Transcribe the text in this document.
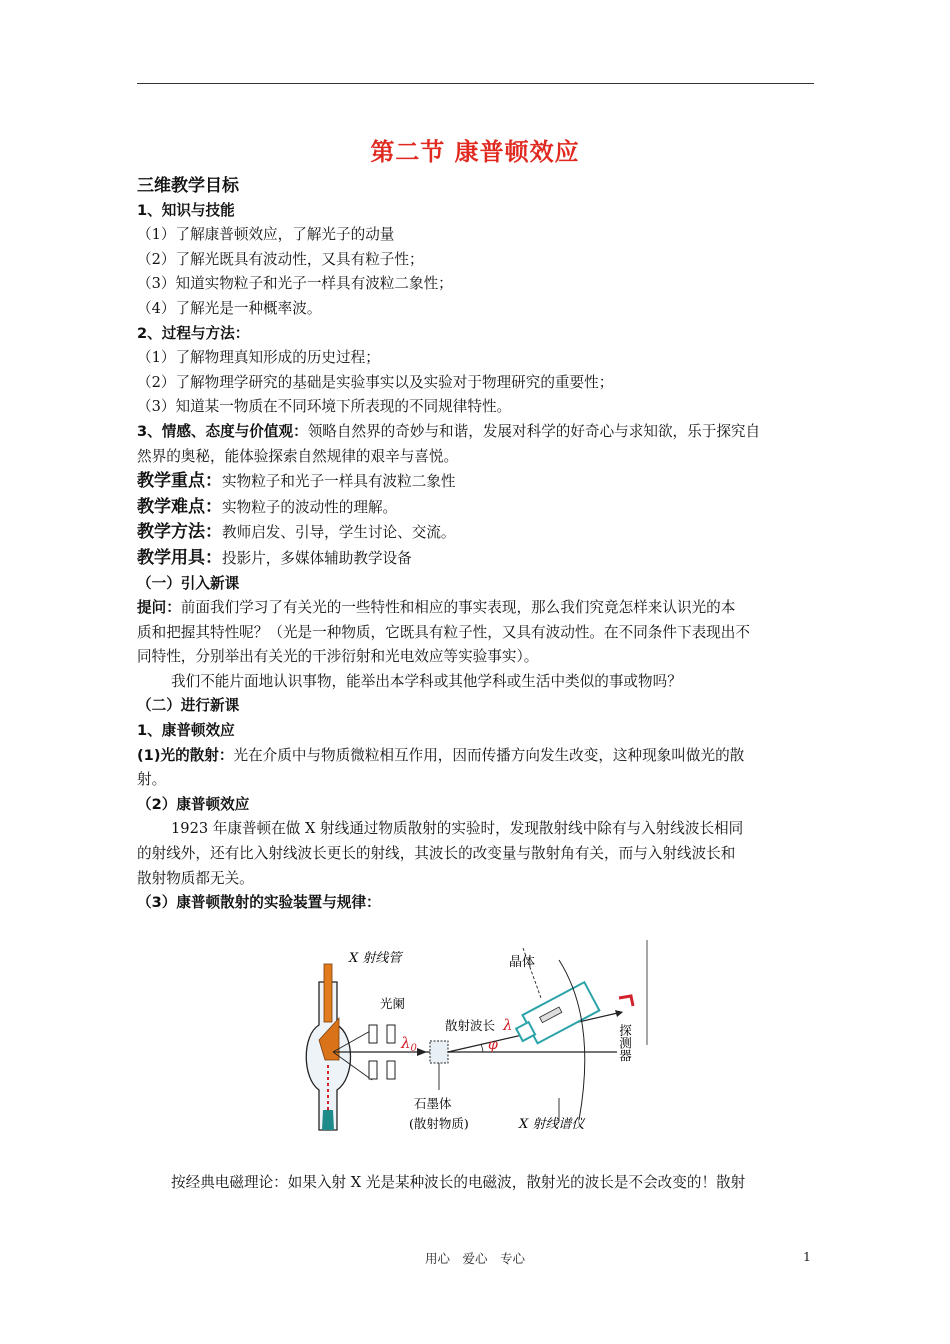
第二节 康普顿效应
三维教学目标
1、知识与技能
（1）了解康普顿效应，了解光子的动量
（2）了解光既具有波动性，又具有粒子性；
（3）知道实物粒子和光子一样具有波粒二象性；
（4）了解光是一种概率波。
2、过程与方法：
（1）了解物理真知形成的历史过程；
（2）了解物理学研究的基础是实验事实以及实验对于物理研究的重要性；
（3）知道某一物质在不同环境下所表现的不同规律特性。
3、情感、态度与价值观：领略自然界的奇妙与和谐，发展对科学的好奇心与求知欲，乐于探究自
然界的奥秘，能体验探索自然规律的艰辛与喜悦。
教学重点：实物粒子和光子一样具有波粒二象性
教学难点：实物粒子的波动性的理解。
教学方法：教师启发、引导，学生讨论、交流。
教学用具：投影片，多媒体辅助教学设备
（一）引入新课
提问：前面我们学习了有关光的一些特性和相应的事实表现，那么我们究竟怎样来认识光的本
质和把握其特性呢？（光是一种物质，它既具有粒子性，又具有波动性。在不同条件下表现出不
同特性，分别举出有关光的干涉衍射和光电效应等实验事实）。
我们不能片面地认识事物，能举出本学科或其他学科或生活中类似的事或物吗？
（二）进行新课
1、康普顿效应
(1)光的散射：光在介质中与物质微粒相互作用，因而传播方向发生改变，这种现象叫做光的散
射。
（2）康普顿效应
1923 年康普顿在做 X 射线通过物质散射的实验时，发现散射线中除有与入射线波长相同
的射线外，还有比入射线波长更长的射线，其波长的改变量与散射角有关，而与入射线波长和
散射物质都无关。
（3）康普顿散射的实验装置与规律：
X 射线管
光阑
晶体
散射波长 λ
$\lambda_0$	φ
石墨体
(散射物质)	X 射线谱仪
探测器
按经典电磁理论：如果入射 X 光是某种波长的电磁波，散射光的波长是不会改变的！散射
用心　爱心　专心	1
